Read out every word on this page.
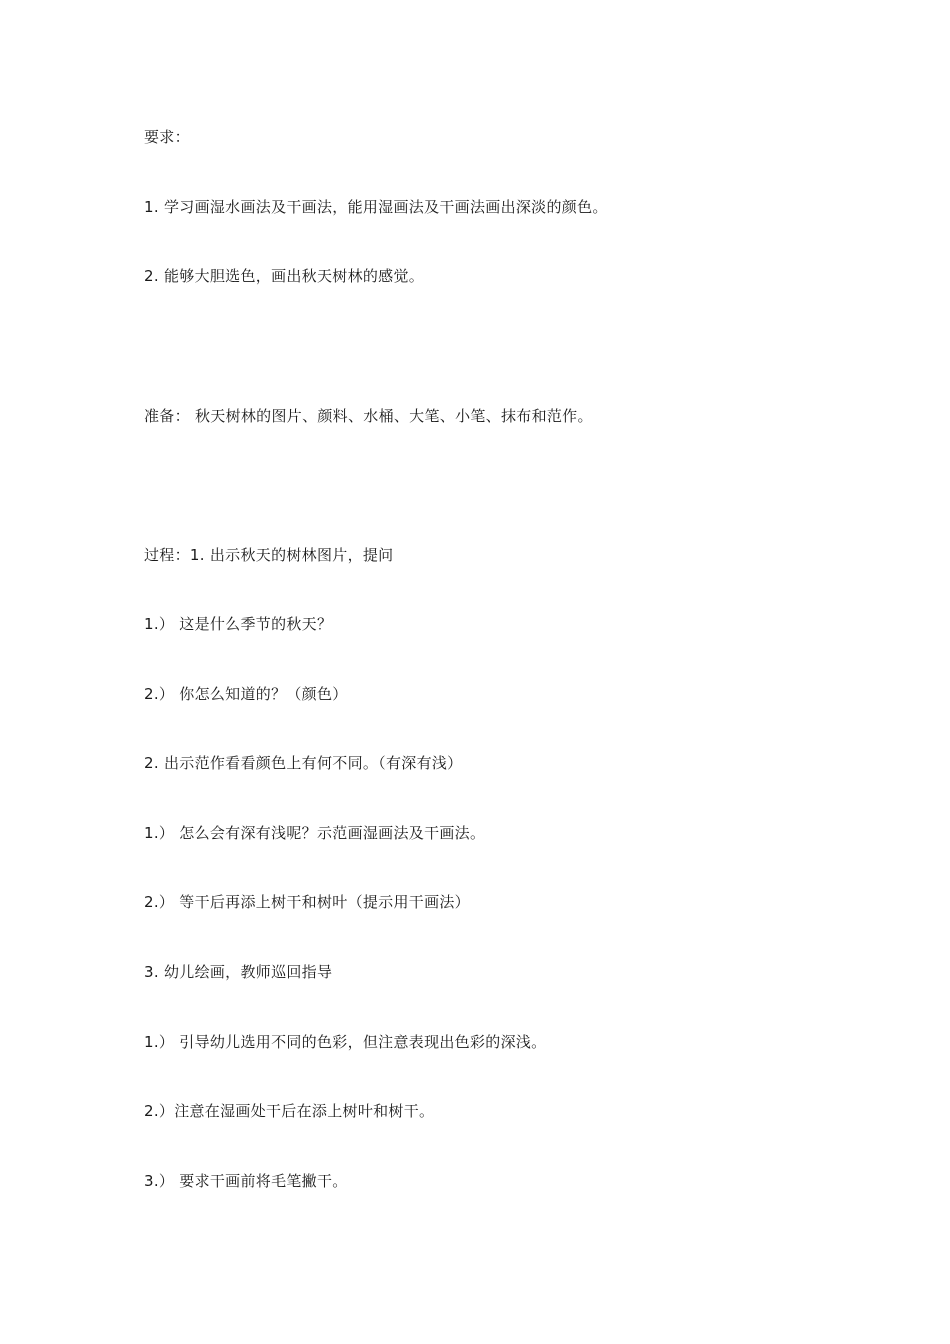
要求：
1. 学习画湿水画法及干画法，能用湿画法及干画法画出深淡的颜色。
2. 能够大胆选色，画出秋天树林的感觉。
准备： 秋天树林的图片、颜料、水桶、大笔、小笔、抹布和范作。
过程：1. 出示秋天的树林图片，提问
1.） 这是什么季节的秋天？
2.） 你怎么知道的？（颜色）
2. 出示范作看看颜色上有何不同。（有深有浅）
1.） 怎么会有深有浅呢？示范画湿画法及干画法。
2.） 等干后再添上树干和树叶（提示用干画法）
3. 幼儿绘画，教师巡回指导
1.） 引导幼儿选用不同的色彩，但注意表现出色彩的深浅。
2.）注意在湿画处干后在添上树叶和树干。
3.） 要求干画前将毛笔撇干。
